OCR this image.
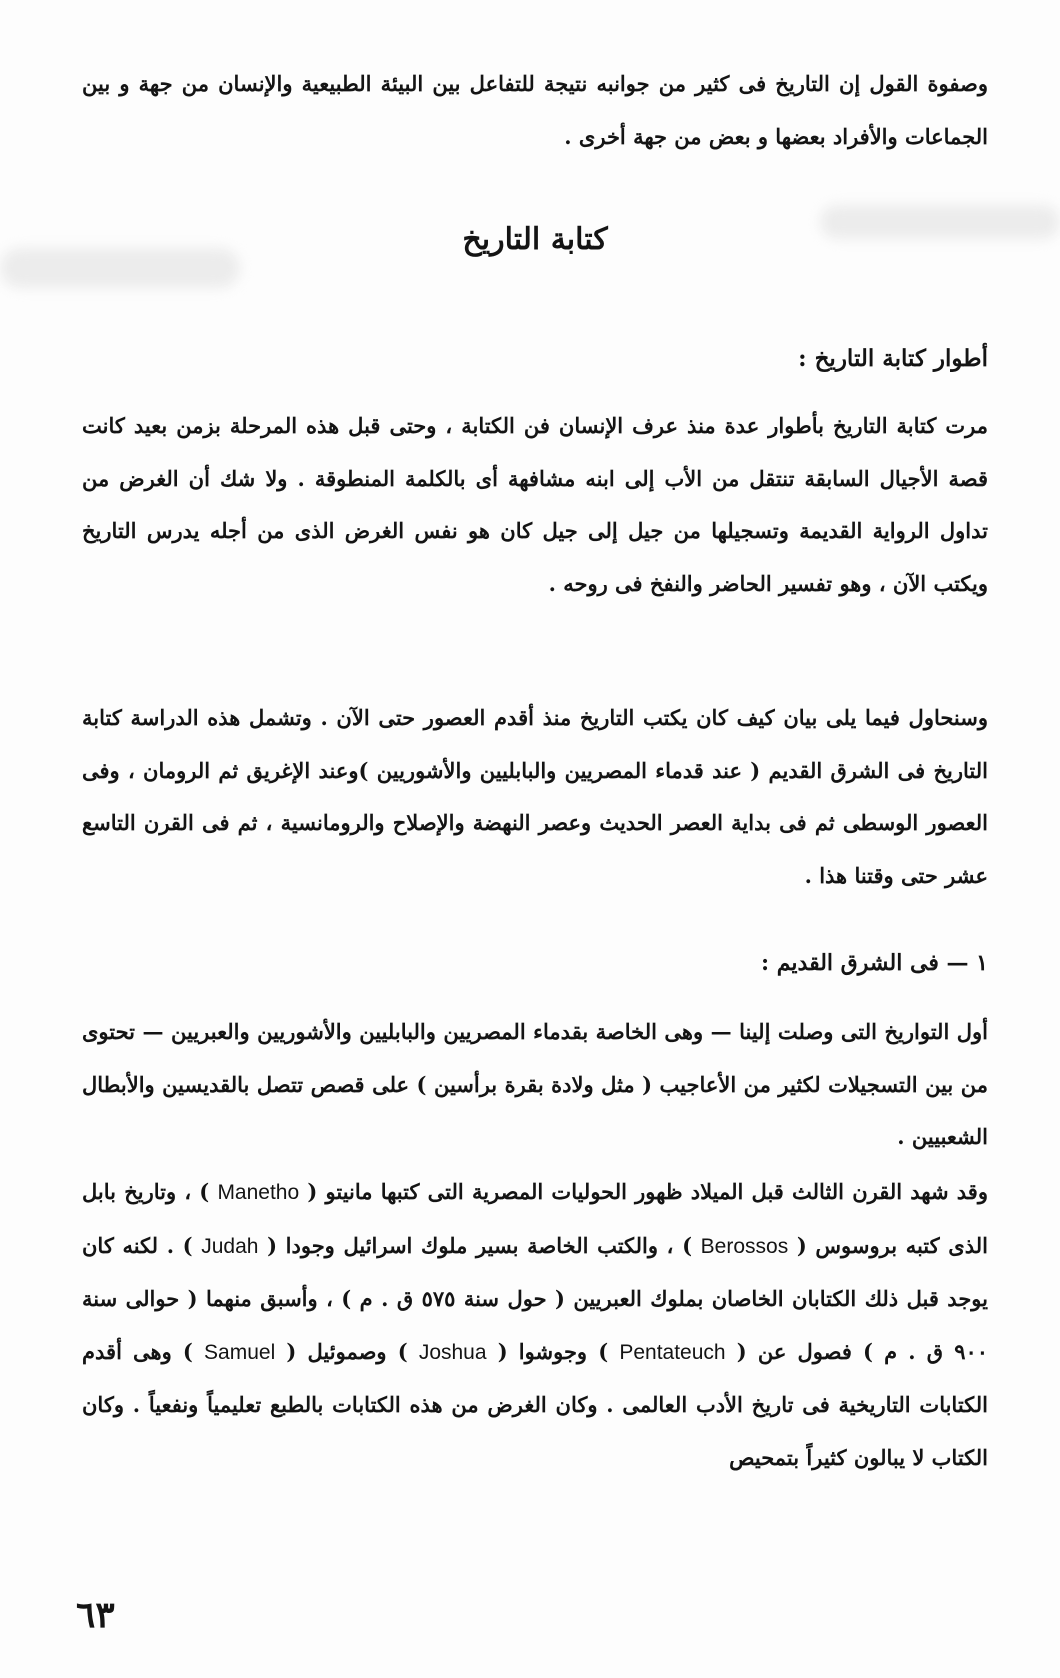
وصفوة القول إن التاريخ فى كثير من جوانبه نتيجة للتفاعل بين البيئة الطبيعية والإنسان من جهة و بين الجماعات والأفراد بعضها و بعض من جهة أخرى .

كتابة التاريخ
أطوار كتابة التاريخ :

مرت كتابة التاريخ بأطوار عدة منذ عرف الإنسان فن الكتابة ، وحتى قبل هذه المرحلة بزمن بعيد كانت قصة الأجيال السابقة تنتقل من الأب إلى ابنه مشافهة أى بالكلمة المنطوقة . ولا شك أن الغرض من تداول الرواية القديمة وتسجيلها من جيل إلى جيل كان هو نفس الغرض الذى من أجله يدرس التاريخ ويكتب الآن ، وهو تفسير الحاضر والنفخ فى روحه .

وسنحاول فيما يلى بيان كيف كان يكتب التاريخ منذ أقدم العصور حتى الآن . وتشمل هذه الدراسة كتابة التاريخ فى الشرق القديم ( عند قدماء المصريين والبابليين والأشوريين )وعند الإغريق ثم الرومان ، وفى العصور الوسطى ثم فى بداية العصر الحديث وعصر النهضة والإصلاح والرومانسية ، ثم فى القرن التاسع عشر حتى وقتنا هذا .

١ — فى الشرق القديم :

أول التواريخ التى وصلت إلينا — وهى الخاصة بقدماء المصريين والبابليين والأشوريين والعبريين — تحتوى من بين التسجيلات لكثير من الأعاجيب ( مثل ولادة بقرة برأسين ) على قصص تتصل بالقديسين والأبطال الشعبيين .

وقد شهد القرن الثالث قبل الميلاد ظهور الحوليات المصرية التى كتبها مانيتو ( Manetho ) ، وتاريخ بابل الذى كتبه بروسوس ( Berossos ) ، والكتب الخاصة بسير ملوك اسرائيل وجودا ( Judah ) . لكنه كان يوجد قبل ذلك الكتابان الخاصان بملوك العبريين ( حول سنة ٥٧٥ ق . م ) ، وأسبق منهما ( حوالى سنة ٩٠٠ ق . م ) فصول عن ( Pentateuch ) وجوشوا ( Joshua ) وصموئيل ( Samuel ) وهى أقدم الكتابات التاريخية فى تاريخ الأدب العالمى . وكان الغرض من هذه الكتابات بالطبع تعليمياً ونفعياً . وكان الكتاب لا يبالون كثيراً بتمحيص

٦٣
